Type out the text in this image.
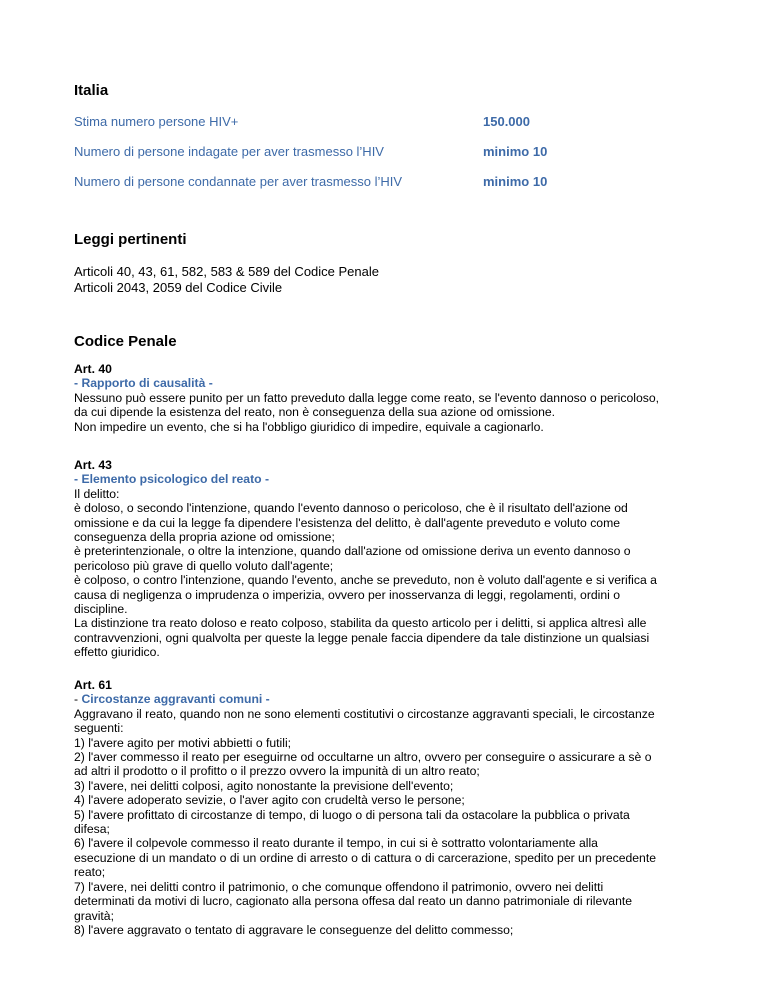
Italia
Stima numero persone HIV+	150.000
Numero di persone indagate per aver trasmesso l’HIV	minimo 10
Numero di persone condannate per aver trasmesso l’HIV	minimo 10
Leggi pertinenti
Articoli 40, 43, 61, 582, 583 & 589 del Codice Penale
Articoli 2043, 2059 del Codice Civile
Codice Penale
Art. 40
- Rapporto di causalità -
Nessuno può essere punito per un fatto preveduto dalla legge come reato, se l'evento dannoso o pericoloso,
da cui dipende la esistenza del reato, non è conseguenza della sua azione od omissione.
Non impedire un evento, che si ha l'obbligo giuridico di impedire, equivale a cagionarlo.
Art. 43
- Elemento psicologico del reato -
Il delitto:
è doloso, o secondo l'intenzione, quando l'evento dannoso o pericoloso, che è il risultato dell'azione od
omissione e da cui la legge fa dipendere l'esistenza del delitto, è dall'agente preveduto e voluto come
conseguenza della propria azione od omissione;
è preterintenzionale, o oltre la intenzione, quando dall'azione od omissione deriva un evento dannoso o
pericoloso più grave di quello voluto dall'agente;
è colposo, o contro l'intenzione, quando l'evento, anche se preveduto, non è voluto dall'agente e si verifica a
causa di negligenza o imprudenza o imperizia, ovvero per inosservanza di leggi, regolamenti, ordini o
discipline.
La distinzione tra reato doloso e reato colposo, stabilita da questo articolo per i delitti, si applica altresì alle
contravvenzioni, ogni qualvolta per queste la legge penale faccia dipendere da tale distinzione un qualsiasi
effetto giuridico.
Art. 61
- Circostanze aggravanti comuni -
Aggravano il reato, quando non ne sono elementi costitutivi o circostanze aggravanti speciali, le circostanze
seguenti:
1) l'avere agito per motivi abbietti o futili;
2) l'aver commesso il reato per eseguirne od occultarne un altro, ovvero per conseguire o assicurare a sè o
ad altri il prodotto o il profitto o il prezzo ovvero la impunità di un altro reato;
3) l'avere, nei delitti colposi, agito nonostante la previsione dell'evento;
4) l'avere adoperato sevizie, o l'aver agito con crudeltà verso le persone;
5) l'avere profittato di circostanze di tempo, di luogo o di persona tali da ostacolare la pubblica o privata
difesa;
6) l'avere il colpevole commesso il reato durante il tempo, in cui si è sottratto volontariamente alla
esecuzione di un mandato o di un ordine di arresto o di cattura o di carcerazione, spedito per un precedente
reato;
7) l'avere, nei delitti contro il patrimonio, o che comunque offendono il patrimonio, ovvero nei delitti
determinati da motivi di lucro, cagionato alla persona offesa dal reato un danno patrimoniale di rilevante
gravità;
8) l'avere aggravato o tentato di aggravare le conseguenze del delitto commesso;
